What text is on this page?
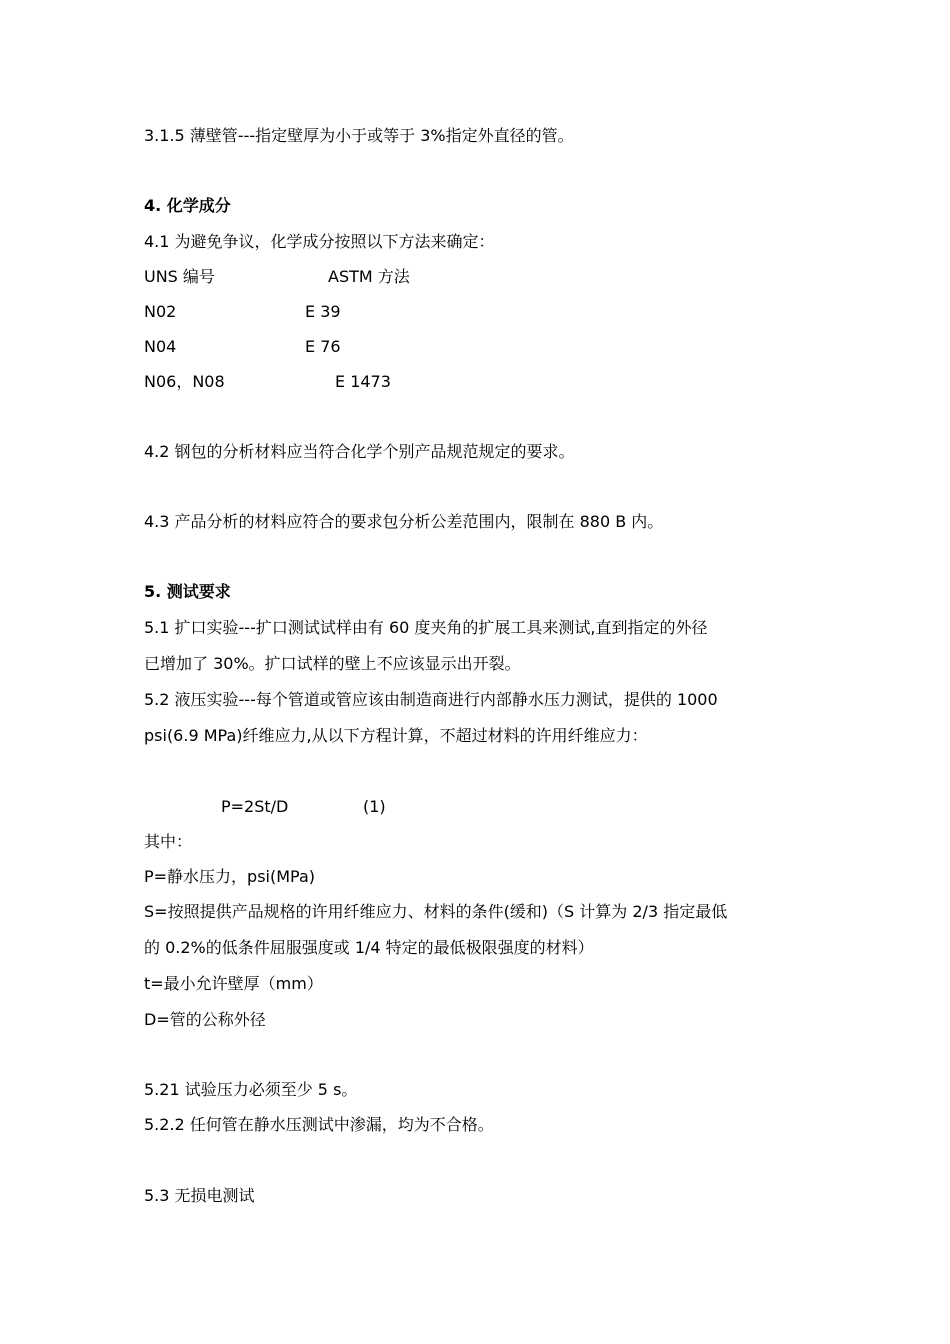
3.1.5 薄壁管---指定壁厚为小于或等于 3%指定外直径的管。
4. 化学成分
4.1 为避免争议，化学成分按照以下方法来确定：
UNS 编号	ASTM 方法
N02	E 39
N04	E 76
N06，N08	E 1473
4.2 钢包的分析材料应当符合化学个别产品规范规定的要求。
4.3 产品分析的材料应符合的要求包分析公差范围内，限制在 880 B 内。
5. 测试要求
5.1 扩口实验---扩口测试试样由有 60 度夹角的扩展工具来测试,直到指定的外径
已增加了 30%。扩口试样的壁上不应该显示出开裂。
5.2 液压实验---每个管道或管应该由制造商进行内部静水压力测试，提供的 1000
psi(6.9 MPa)纤维应力,从以下方程计算，不超过材料的许用纤维应力：
P=2St/D	(1)
其中：
P=静水压力，psi(MPa)
S=按照提供产品规格的许用纤维应力、材料的条件(缓和)（S 计算为 2/3 指定最低
的 0.2%的低条件屈服强度或 1/4 特定的最低极限强度的材料）
t=最小允许壁厚（mm）
D=管的公称外径
5.21 试验压力必须至少 5 s。
5.2.2 任何管在静水压测试中渗漏，均为不合格。
5.3 无损电测试
